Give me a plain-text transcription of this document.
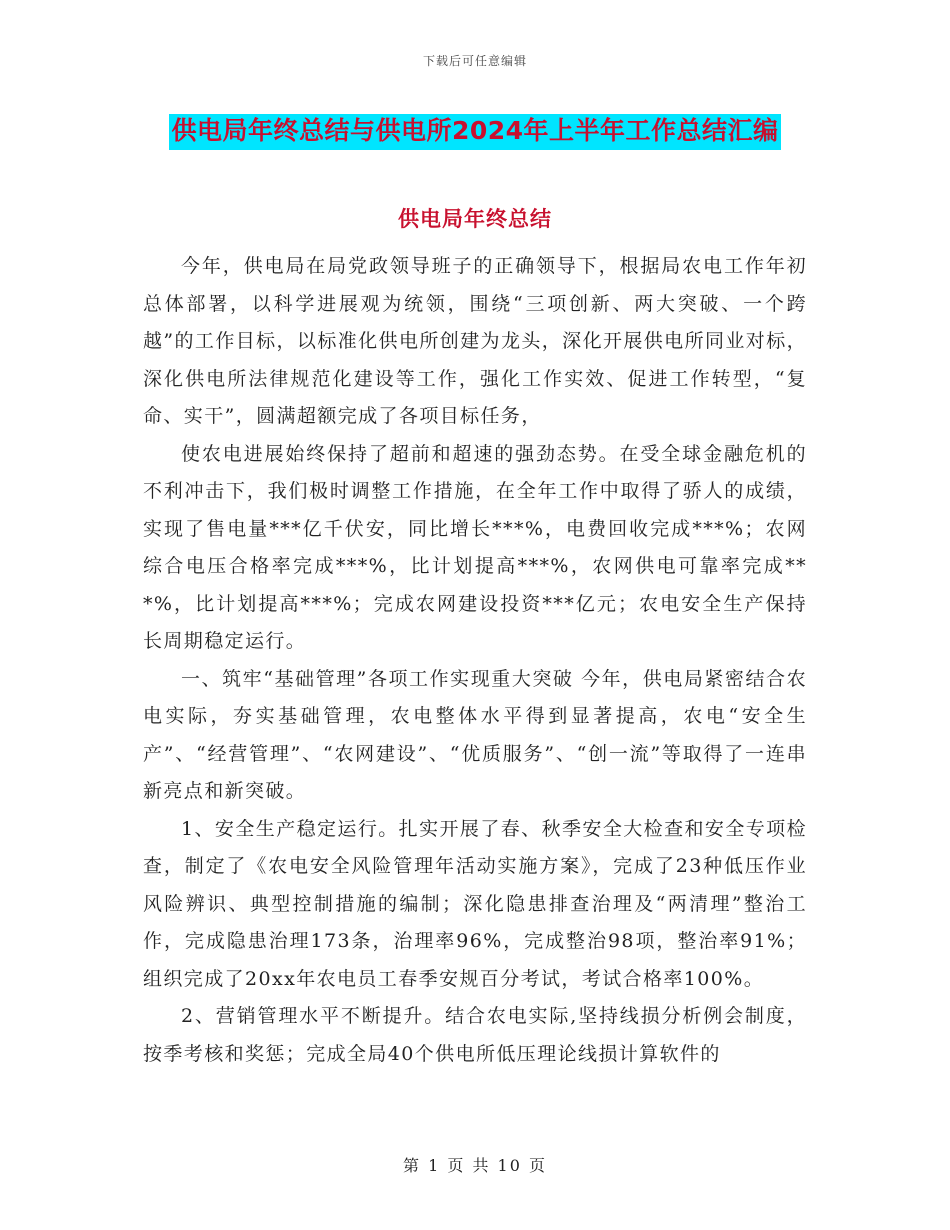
下载后可任意编辑
供电局年终总结与供电所2024年上半年工作总结汇编
供电局年终总结

今年，供电局在局党政领导班子的正确领导下，根据局农电工作年初总体部署，以科学进展观为统领，围绕“三项创新、两大突破、一个跨越”的工作目标，以标准化供电所创建为龙头，深化开展供电所同业对标，深化供电所法律规范化建设等工作，强化工作实效、促进工作转型，“复命、实干”，圆满超额完成了各项目标任务，

使农电进展始终保持了超前和超速的强劲态势。在受全球金融危机的不利冲击下，我们极时调整工作措施，在全年工作中取得了骄人的成绩，实现了售电量***亿千伏安，同比增长***%，电费回收完成***%；农网综合电压合格率完成***%，比计划提高***%，农网供电可靠率完成***%，比计划提高***%；完成农网建设投资***亿元；农电安全生产保持长周期稳定运行。

一、筑牢“基础管理”各项工作实现重大突破 今年，供电局紧密结合农电实际，夯实基础管理，农电整体水平得到显著提高，农电“安全生产”、“经营管理”、“农网建设”、“优质服务”、“创一流”等取得了一连串新亮点和新突破。

1、安全生产稳定运行。扎实开展了春、秋季安全大检查和安全专项检查，制定了《农电安全风险管理年活动实施方案》，完成了23种低压作业风险辨识、典型控制措施的编制；深化隐患排查治理及“两清理”整治工作，完成隐患治理173条，治理率96%，完成整治98项，整治率91%；组织完成了20xx年农电员工春季安规百分考试，考试合格率100%。

2、营销管理水平不断提升。结合农电实际,坚持线损分析例会制度，按季考核和奖惩；完成全局40个供电所低压理论线损计算软件的

第 1 页 共 10 页
